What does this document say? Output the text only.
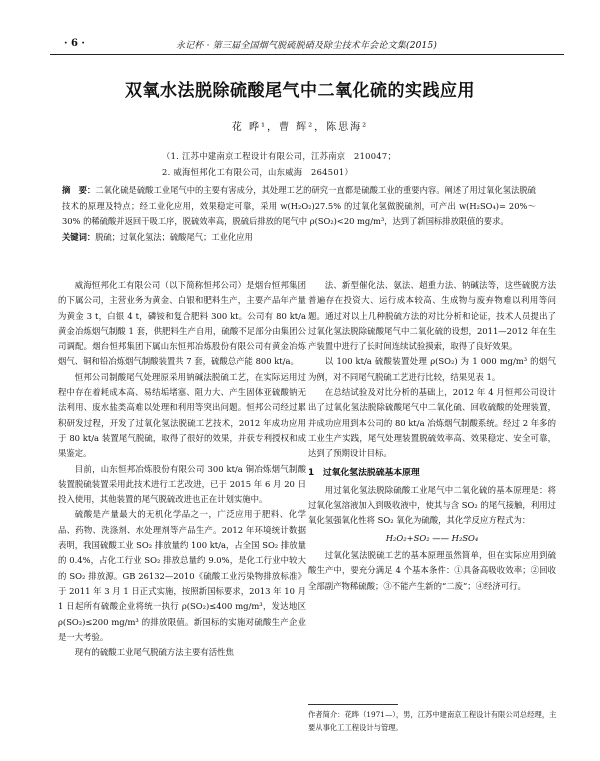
· 6 ·	永记杯 · 第三届全国烟气脱硫脱硝及除尘技术年会论文集(2015)
双氧水法脱除硫酸尾气中二氧化硫的实践应用
花 晔¹，曹 辉²，陈思海²
（1. 江苏中建南京工程设计有限公司，江苏南京　210047；
2. 威海恒邦化工有限公司，山东威海　264501）
摘　要：二氧化硫是硫酸工业尾气中的主要有害成分，其处理工艺的研究一直都是硫酸工业的重要内容。阐述了用过氧化氢法脱硫技术的原理及特点；经工业化应用，效果稳定可靠，采用 w(H₂O₂)27.5% 的过氧化氢做脱硫剂，可产出 w(H₂SO₄)= 20%～30% 的稀硫酸并返回干吸工序，脱硫效率高，脱硫后排放的尾气中 ρ(SO₂)<20 mg/m³，达到了新国标排放限值的要求。
关键词：脱硫；过氧化氢法；硫酸尾气；工业化应用

威海恒邦化工有限公司（以下简称恒邦公司）是烟台恒邦集团的下属公司，主营业务为黄金、白银和肥料生产，主要产品年产量为黄金 3 t，白银 4 t，磷铵和复合肥料 300 kt。公司有 80 kt/a 黄金冶炼烟气制酸 1 套，供肥料生产自用，硫酸不足部分由集团公司调配。烟台恒邦集团下属山东恒邦冶炼股份有限公司有黄金冶炼烟气、铜和铅冶炼烟气制酸装置共 7 套，硫酸总产能 800 kt/a。

恒邦公司制酸尾气处理原采用钠碱法脱硫工艺，在实际运用过程中存在着耗成本高、易结垢堵塞、阻力大、产生固体亚硫酸钠无法利用、废水盐类高难以处理和利用等突出问题。恒邦公司经过累积研发过程，开发了过氧化氢法脱硫工艺技术，2012 年成功应用于 80 kt/a 装置尾气脱硫，取得了很好的效果，并获专利授权和成果鉴定。

目前，山东恒邦冶炼股份有限公司 300 kt/a 铜冶炼烟气制酸装置脱硫装置采用此技术进行工艺改进，已于 2015 年 6 月 20 日投入使用，其他装置的尾气脱硫改进也正在计划实施中。

硫酸是产量最大的无机化学品之一，广泛应用于肥料、化学品、药物、洗涤剂、水处理剂等产品生产。2012 年环境统计数据表明，我国硫酸工业 SO₂ 排放量约 100 kt/a，占全国 SO₂ 排放量的 0.4%，占化工行业 SO₂ 排放总量约 9.0%，是化工行业中较大的 SO₂ 排放源。GB 26132—2010《硫酸工业污染物排放标准》于 2011 年 3 月 1 日正式实施，按照新国标要求，2013 年 10 月 1 日起所有硫酸企业将统一执行 ρ(SO₂)≤400 mg/m³，发达地区 ρ(SO₂)≤200 mg/m³ 的排放限值。新国标的实施对硫酸生产企业是一大考验。

现有的硫酸工业尾气脱硫方法主要有活性焦

法、新型催化法、氨法、超重力法、钠碱法等，这些硫脱方法普遍存在投资大、运行成本较高、生成物与废弃物难以利用等问题。通过对以上几种脱硫方法的对比分析和论证，技术人员提出了过氧化氢法脱除硫酸尾气中二氧化硫的设想，2011—2012 年在生产装置中进行了长时间连续试验摸索，取得了良好效果。

以 100 kt/a 硫酸装置处理 ρ(SO₂) 为 1 000 mg/m³ 的烟气为例，对不同尾气脱硫工艺进行比较，结果见表 1。

在总结试验及对比分析的基础上，2012 年 4 月恒邦公司设计出了过氧化氢法脱除硫酸尾气中二氧化硫、回收硫酸的处理装置，并成功应用到本公司的 80 kt/a 冶炼烟气制酸系统。经过 2 年多的工业生产实践，尾气处理装置脱硫效率高、效果稳定、安全可靠，达到了预期设计目标。

1　过氧化氢法脱硫基本原理

用过氧化氢法脱除硫酸工业尾气中二氧化硫的基本原理是：将过氧化氢溶液加入到吸收液中，使其与含 SO₂ 的尾气接触，利用过氧化氢强氧化性将 SO₂ 氧化为硫酸，其化学反应方程式为：

H₂O₂+SO₂ —— H₂SO₄

过氧化氢法脱硫工艺的基本原理虽然简单，但在实际应用到硫酸生产中，要充分满足 4 个基本条件：①具备高吸收效率；②回收全部副产物稀硫酸；③不能产生新的“二废”；④经济可行。

作者简介：花晔（1971—），男，江苏中建南京工程设计有限公司总经理，主要从事化工工程设计与管理。
